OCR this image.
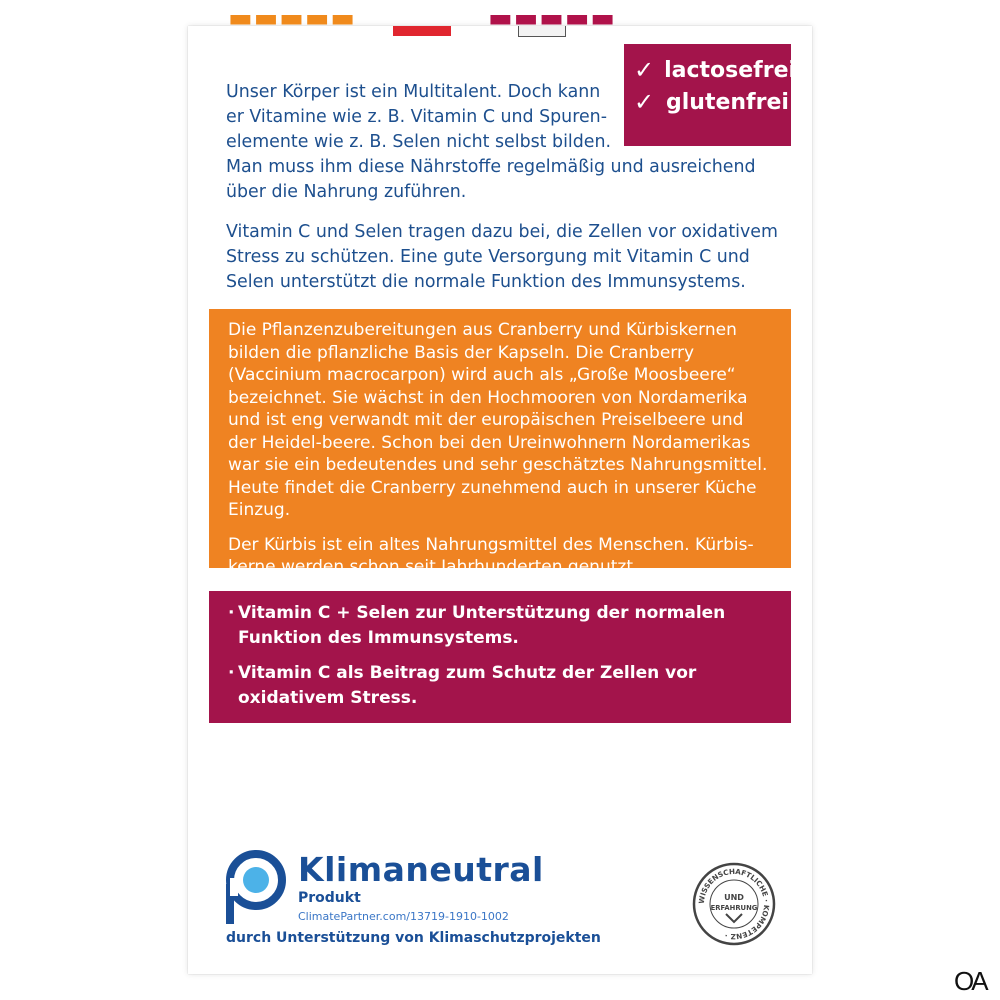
▬▬▬▬▬	▬▬▬▬▬
✓ lactosefrei
✓ glutenfrei

Unser Körper ist ein Multitalent. Doch kann
er Vitamine wie z. B. Vitamin C und Spuren-
elemente wie z. B. Selen nicht selbst bilden.
Man muss ihm diese Nährstoffe regelmäßig und ausreichend
über die Nahrung zuführen.

Vitamin C und Selen tragen dazu bei, die Zellen vor oxidativem Stress zu schützen. Eine gute Versorgung mit Vitamin C und Selen unterstützt die normale Funktion des Immunsystems.

Die Pflanzenzubereitungen aus Cranberry und Kürbiskernen bilden die pflanzliche Basis der Kapseln. Die Cranberry (Vaccinium macrocarpon) wird auch als „Große Moosbeere“ bezeichnet. Sie wächst in den Hochmooren von Nordamerika und ist eng verwandt mit der europäischen Preiselbeere und der Heidel-beere. Schon bei den Ureinwohnern Nordamerikas war sie ein bedeutendes und sehr geschätztes Nahrungsmittel. Heute findet die Cranberry zunehmend auch in unserer Küche Einzug.

Der Kürbis ist ein altes Nahrungsmittel des Menschen. Kürbis-kerne werden schon seit Jahrhunderten genutzt.

· Vitamin C + Selen zur Unterstützung der normalen Funktion des Immunsystems.
· Vitamin C als Beitrag zum Schutz der Zellen vor oxidativem Stress.
Klimaneutral
Produkt
ClimatePartner.com/13719-1910-1002
durch Unterstützung von Klimaschutzprojekten
WISSENSCHAFTLICHE · KOMPETENZ ·
UND
ERFAHRUNG
OA
